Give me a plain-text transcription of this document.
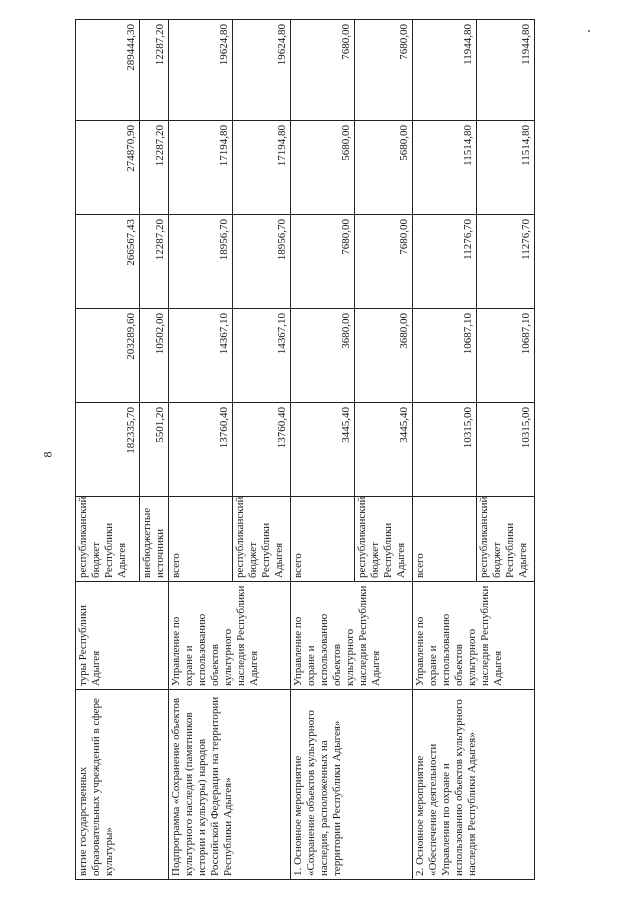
8
витие государственных образовательных учреждений в сфере культуры»	туры Республики Адыгея	республиканский бюджет Республики Адыгея	182335,70	203289,60	266567,43	274870,90	289444,30
		внебюджетные источники	5501,20	10502,00	12287,20	12287,20	12287,20
Подпрограмма «Сохранение объектов культурного наследия (памятников истории и культуры) народов Российской Федерации на территории Республики Адыгея»	Управление по охране и использованию объектов культурного наследия Республики Адыгея	всего	13760,40	14367,10	18956,70	17194,80	19624,80
		республиканский бюджет Республики Адыгея	13760,40	14367,10	18956,70	17194,80	19624,80
1. Основное мероприятие «Сохранение объектов культурного наследия, расположенных на территории Республики Адыгея»	Управление по охране и использованию объектов культурного наследия Республики Адыгея	всего	3445,40	3680,00	7680,00	5680,00	7680,00
		республиканский бюджет Республики Адыгея	3445,40	3680,00	7680,00	5680,00	7680,00
2. Основное мероприятие «Обеспечение деятельности Управления по охране и использованию объектов культурного наследия Республики Адыгея»	Управление по охране и использованию объектов культурного наследия Республики Адыгея	всего	10315,00	10687,10	11276,70	11514,80	11944,80
		республиканский бюджет Республики Адыгея	10315,00	10687,10	11276,70	11514,80	11944,80
